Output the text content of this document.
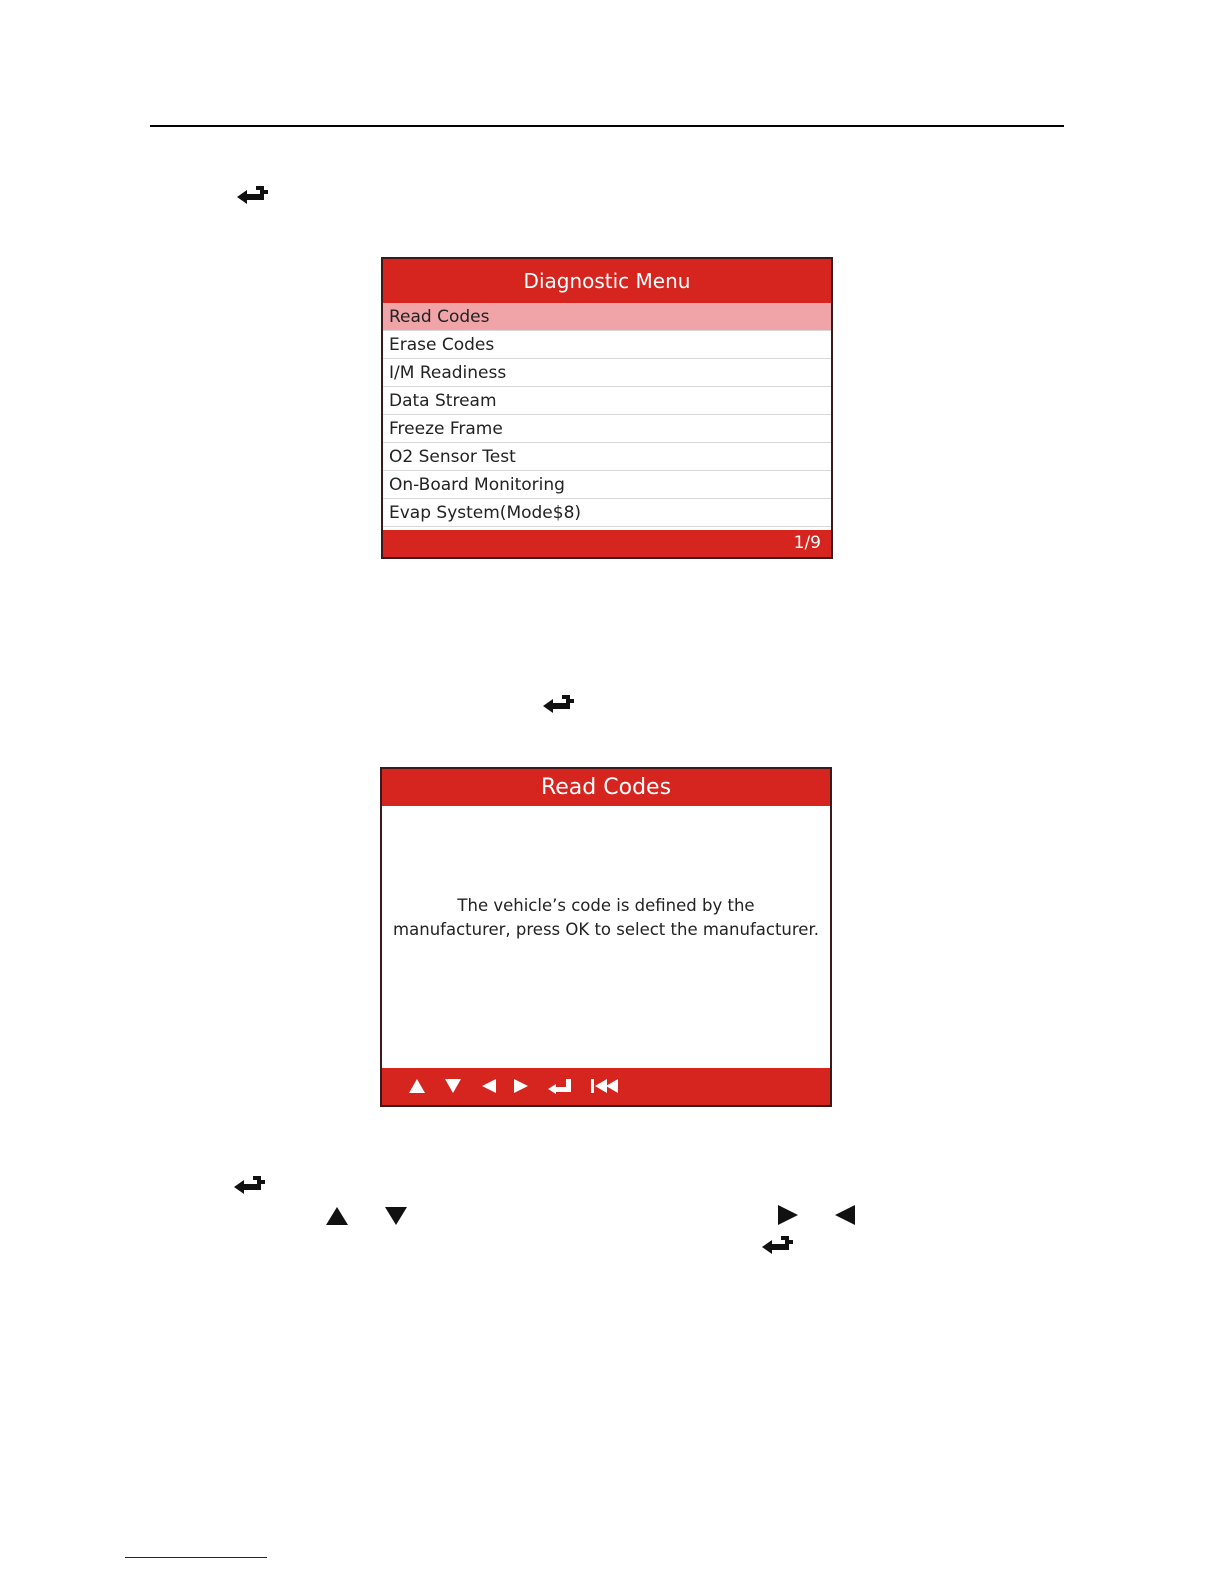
Diagnostic Menu
Read Codes
Erase Codes
I/M Readiness
Data Stream
Freeze Frame
O2 Sensor Test
On-Board Monitoring
Evap System(Mode$8)
1/9
Read Codes
The vehicle’s code is defined by the
manufacturer, press OK to select the manufacturer.
